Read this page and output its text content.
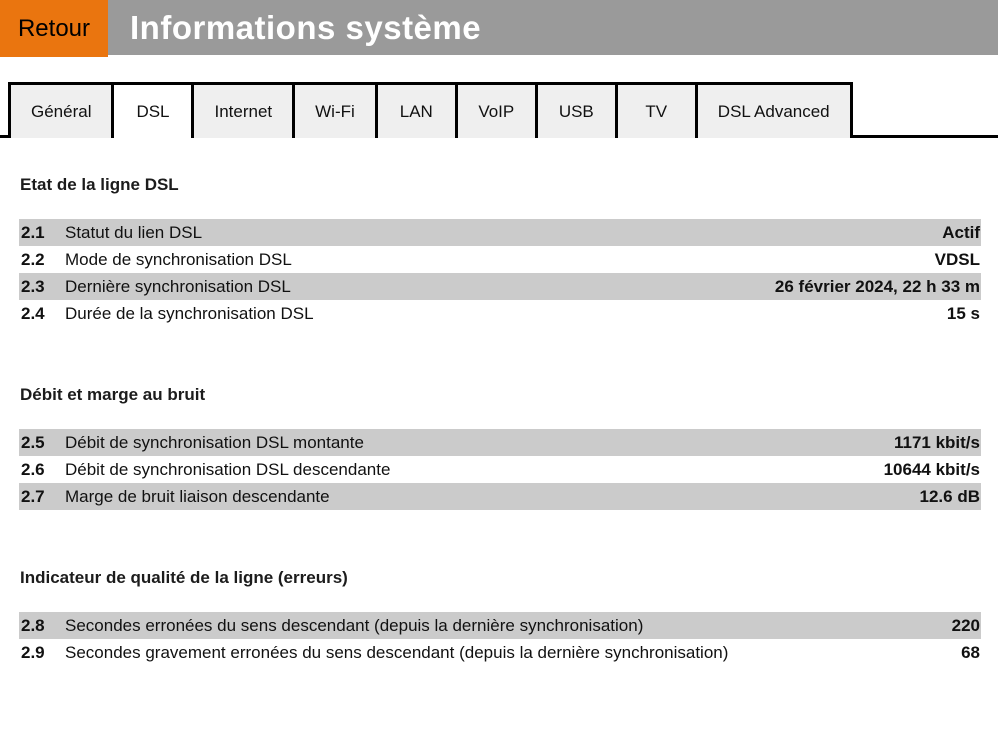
Retour	Informations système
Général	DSL	Internet	Wi-Fi	LAN	VoIP	USB	TV	DSL Advanced
Etat de la ligne DSL
2.1	Statut du lien DSL	Actif
2.2	Mode de synchronisation DSL	VDSL
2.3	Dernière synchronisation DSL	26 février 2024, 22 h 33 m
2.4	Durée de la synchronisation DSL	15 s
Débit et marge au bruit
2.5	Débit de synchronisation DSL montante	1171 kbit/s
2.6	Débit de synchronisation DSL descendante	10644 kbit/s
2.7	Marge de bruit liaison descendante	12.6 dB
Indicateur de qualité de la ligne (erreurs)
2.8	Secondes erronées du sens descendant (depuis la dernière synchronisation)	220
2.9	Secondes gravement erronées du sens descendant (depuis la dernière synchronisation)	68
